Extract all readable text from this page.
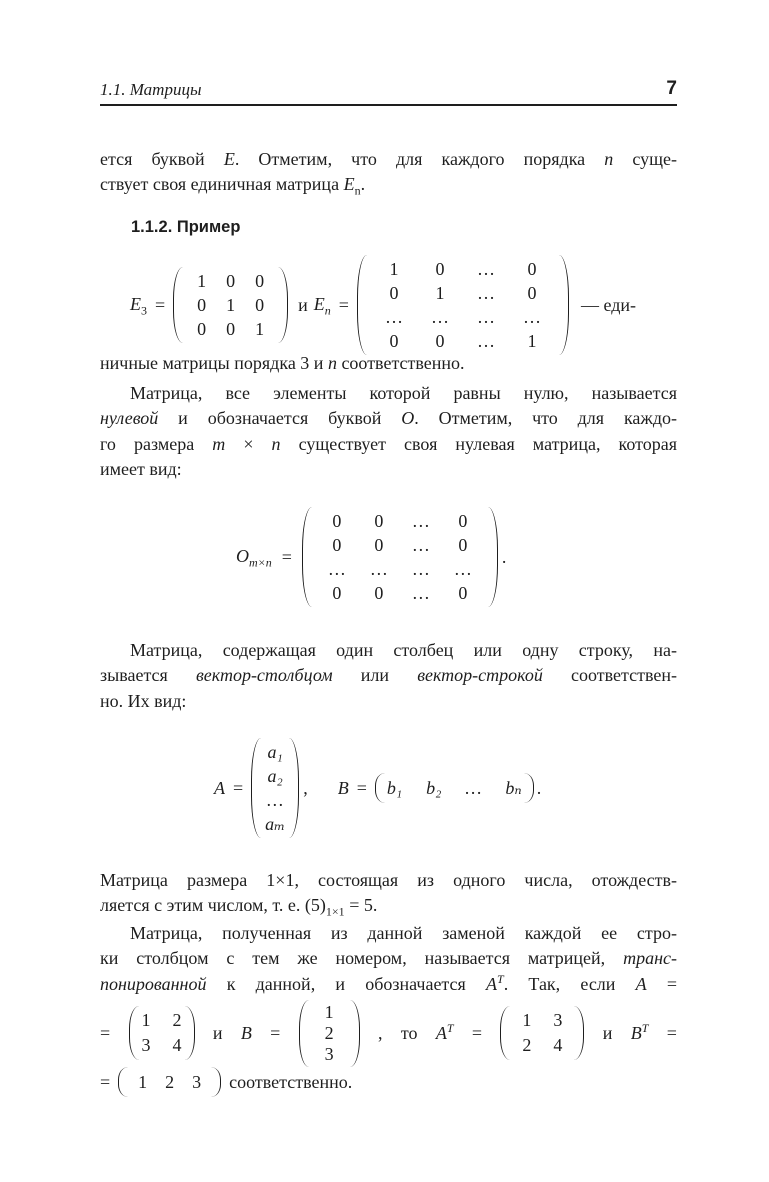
1.1. Матрицы	7
ется буквой E. Отметим, что для каждого порядка n суще-
ствует своя единичная матрица $E_n$.
1.1.2. Пример
$E_3$ =
1 0 0
0 1 0
0 0 1
и $E_n$ =
1 0 … 0
0 1 … 0
… … … …
0 0 … 1
— еди-
ничные матрицы порядка 3 и n соответственно.
Матрица, все элементы которой равны нулю, называется
нулевой и обозначается буквой O. Отметим, что для каждо-
го размера m × n существует своя нулевая матрица, которая
имеет вид:
$O_{m\times n}$ =
0 0 … 0
0 0 … 0
… … … …
0 0 … 0
.
Матрица, содержащая один столбец или одну строку, на-
зывается вектор-столбцом или вектор-строкой соответствен-
но. Их вид:
A =
a₁
a₂
…
aₘ
, B = b₁ b₂ … bₙ .
Матрица размера 1×1, состоящая из одного числа, отождеств-
ляется с этим числом, т. е. $(5)_{1\times 1} = 5$.
Матрица, полученная из данной заменой каждой ее стро-
ки столбцом с тем же номером, называется матрицей, транс-
понированной к данной, и обозначается $A^T$. Так, если A =
=
1 2
3 4
и B =
1
2
3
, то $A^T$ =
1 3
2 4
и $B^T$ =
= 1 2 3 соответственно.
